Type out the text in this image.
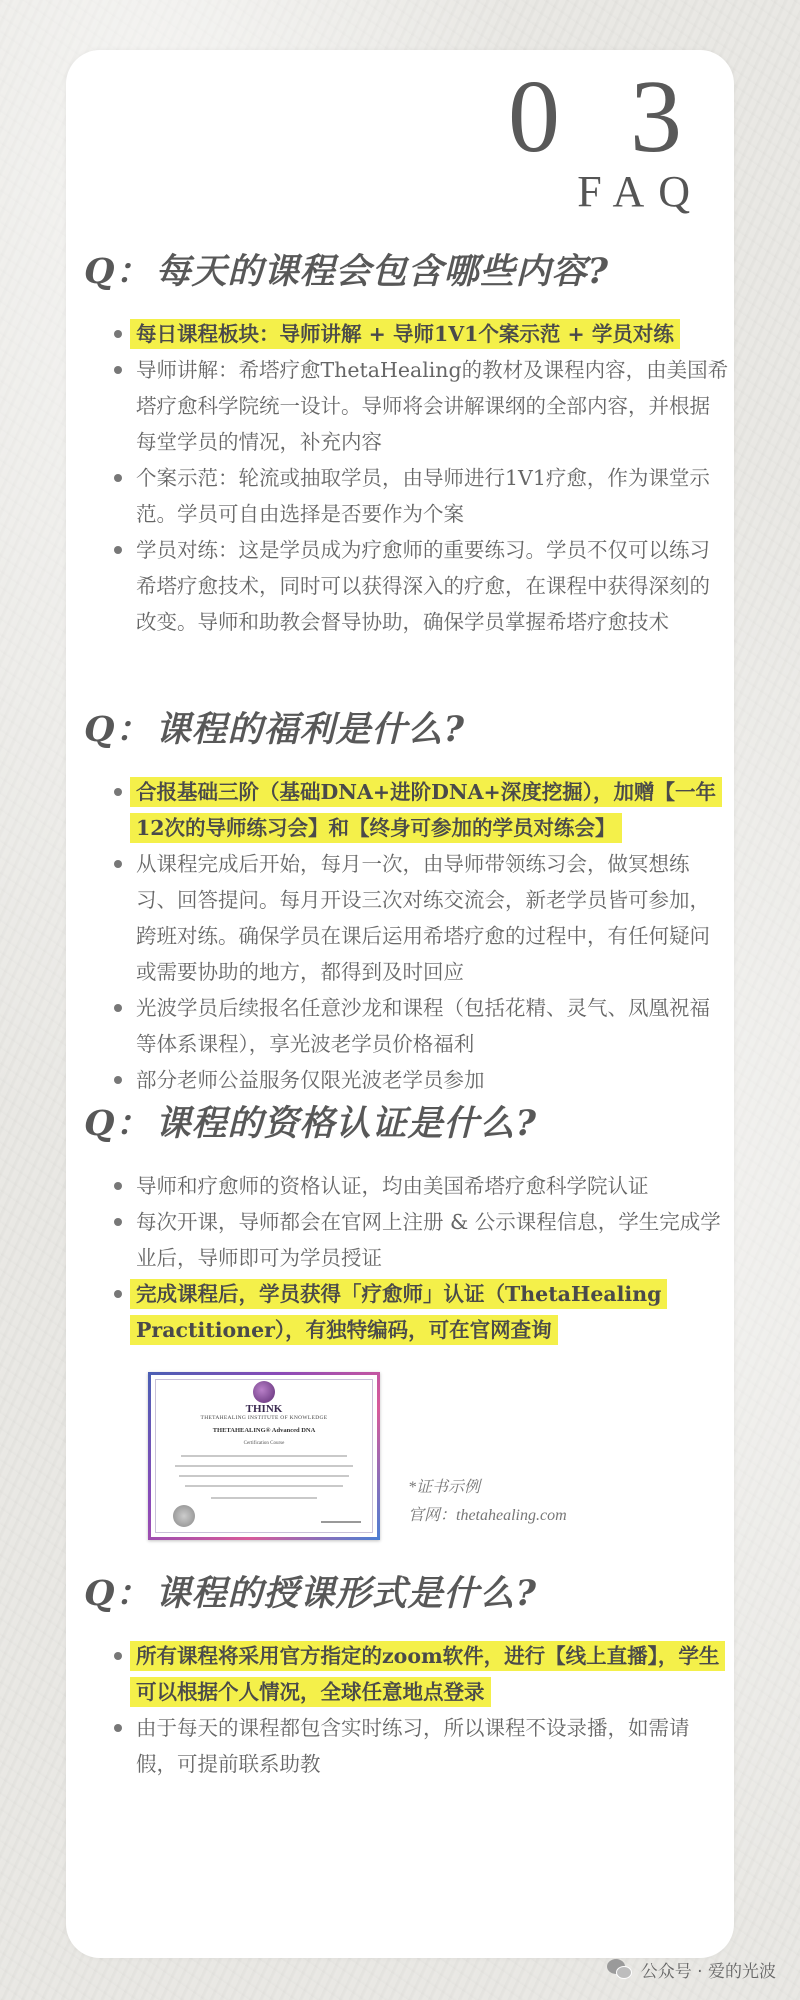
0 3
FAQ
Q： 每天的课程会包含哪些内容?
每日课程板块：导师讲解 + 导师1V1个案示范 + 学员对练
导师讲解：希塔疗愈ThetaHealing的教材及课程内容，由美国希塔疗愈科学院统一设计。导师将会讲解课纲的全部内容，并根据每堂学员的情况，补充内容
个案示范：轮流或抽取学员，由导师进行1V1疗愈，作为课堂示范。学员可自由选择是否要作为个案
学员对练：这是学员成为疗愈师的重要练习。学员不仅可以练习希塔疗愈技术，同时可以获得深入的疗愈，在课程中获得深刻的改变。导师和助教会督导协助，确保学员掌握希塔疗愈技术
Q： 课程的福利是什么?
合报基础三阶（基础DNA+进阶DNA+深度挖掘），加赠【一年12次的导师练习会】和【终身可参加的学员对练会】
从课程完成后开始，每月一次，由导师带领练习会，做冥想练习、回答提问。每月开设三次对练交流会，新老学员皆可参加，跨班对练。确保学员在课后运用希塔疗愈的过程中，有任何疑问或需要协助的地方，都得到及时回应
光波学员后续报名任意沙龙和课程（包括花精、灵气、凤凰祝福等体系课程），享光波老学员价格福利
部分老师公益服务仅限光波老学员参加
Q： 课程的资格认证是什么?
导师和疗愈师的资格认证，均由美国希塔疗愈科学院认证
每次开课，导师都会在官网上注册 & 公示课程信息，学生完成学业后，导师即可为学员授证
完成课程后，学员获得「疗愈师」认证（ThetaHealing Practitioner），有独特编码，可在官网查询
THINK
THETAHEALING INSTITUTE OF KNOWLEDGE
THETAHEALING® Advanced DNA
Certification Course
*证书示例
官网：thetahealing.com
Q： 课程的授课形式是什么?
所有课程将采用官方指定的zoom软件，进行【线上直播】，学生可以根据个人情况，全球任意地点登录
由于每天的课程都包含实时练习，所以课程不设录播，如需请假，可提前联系助教
公众号 · 爱的光波
